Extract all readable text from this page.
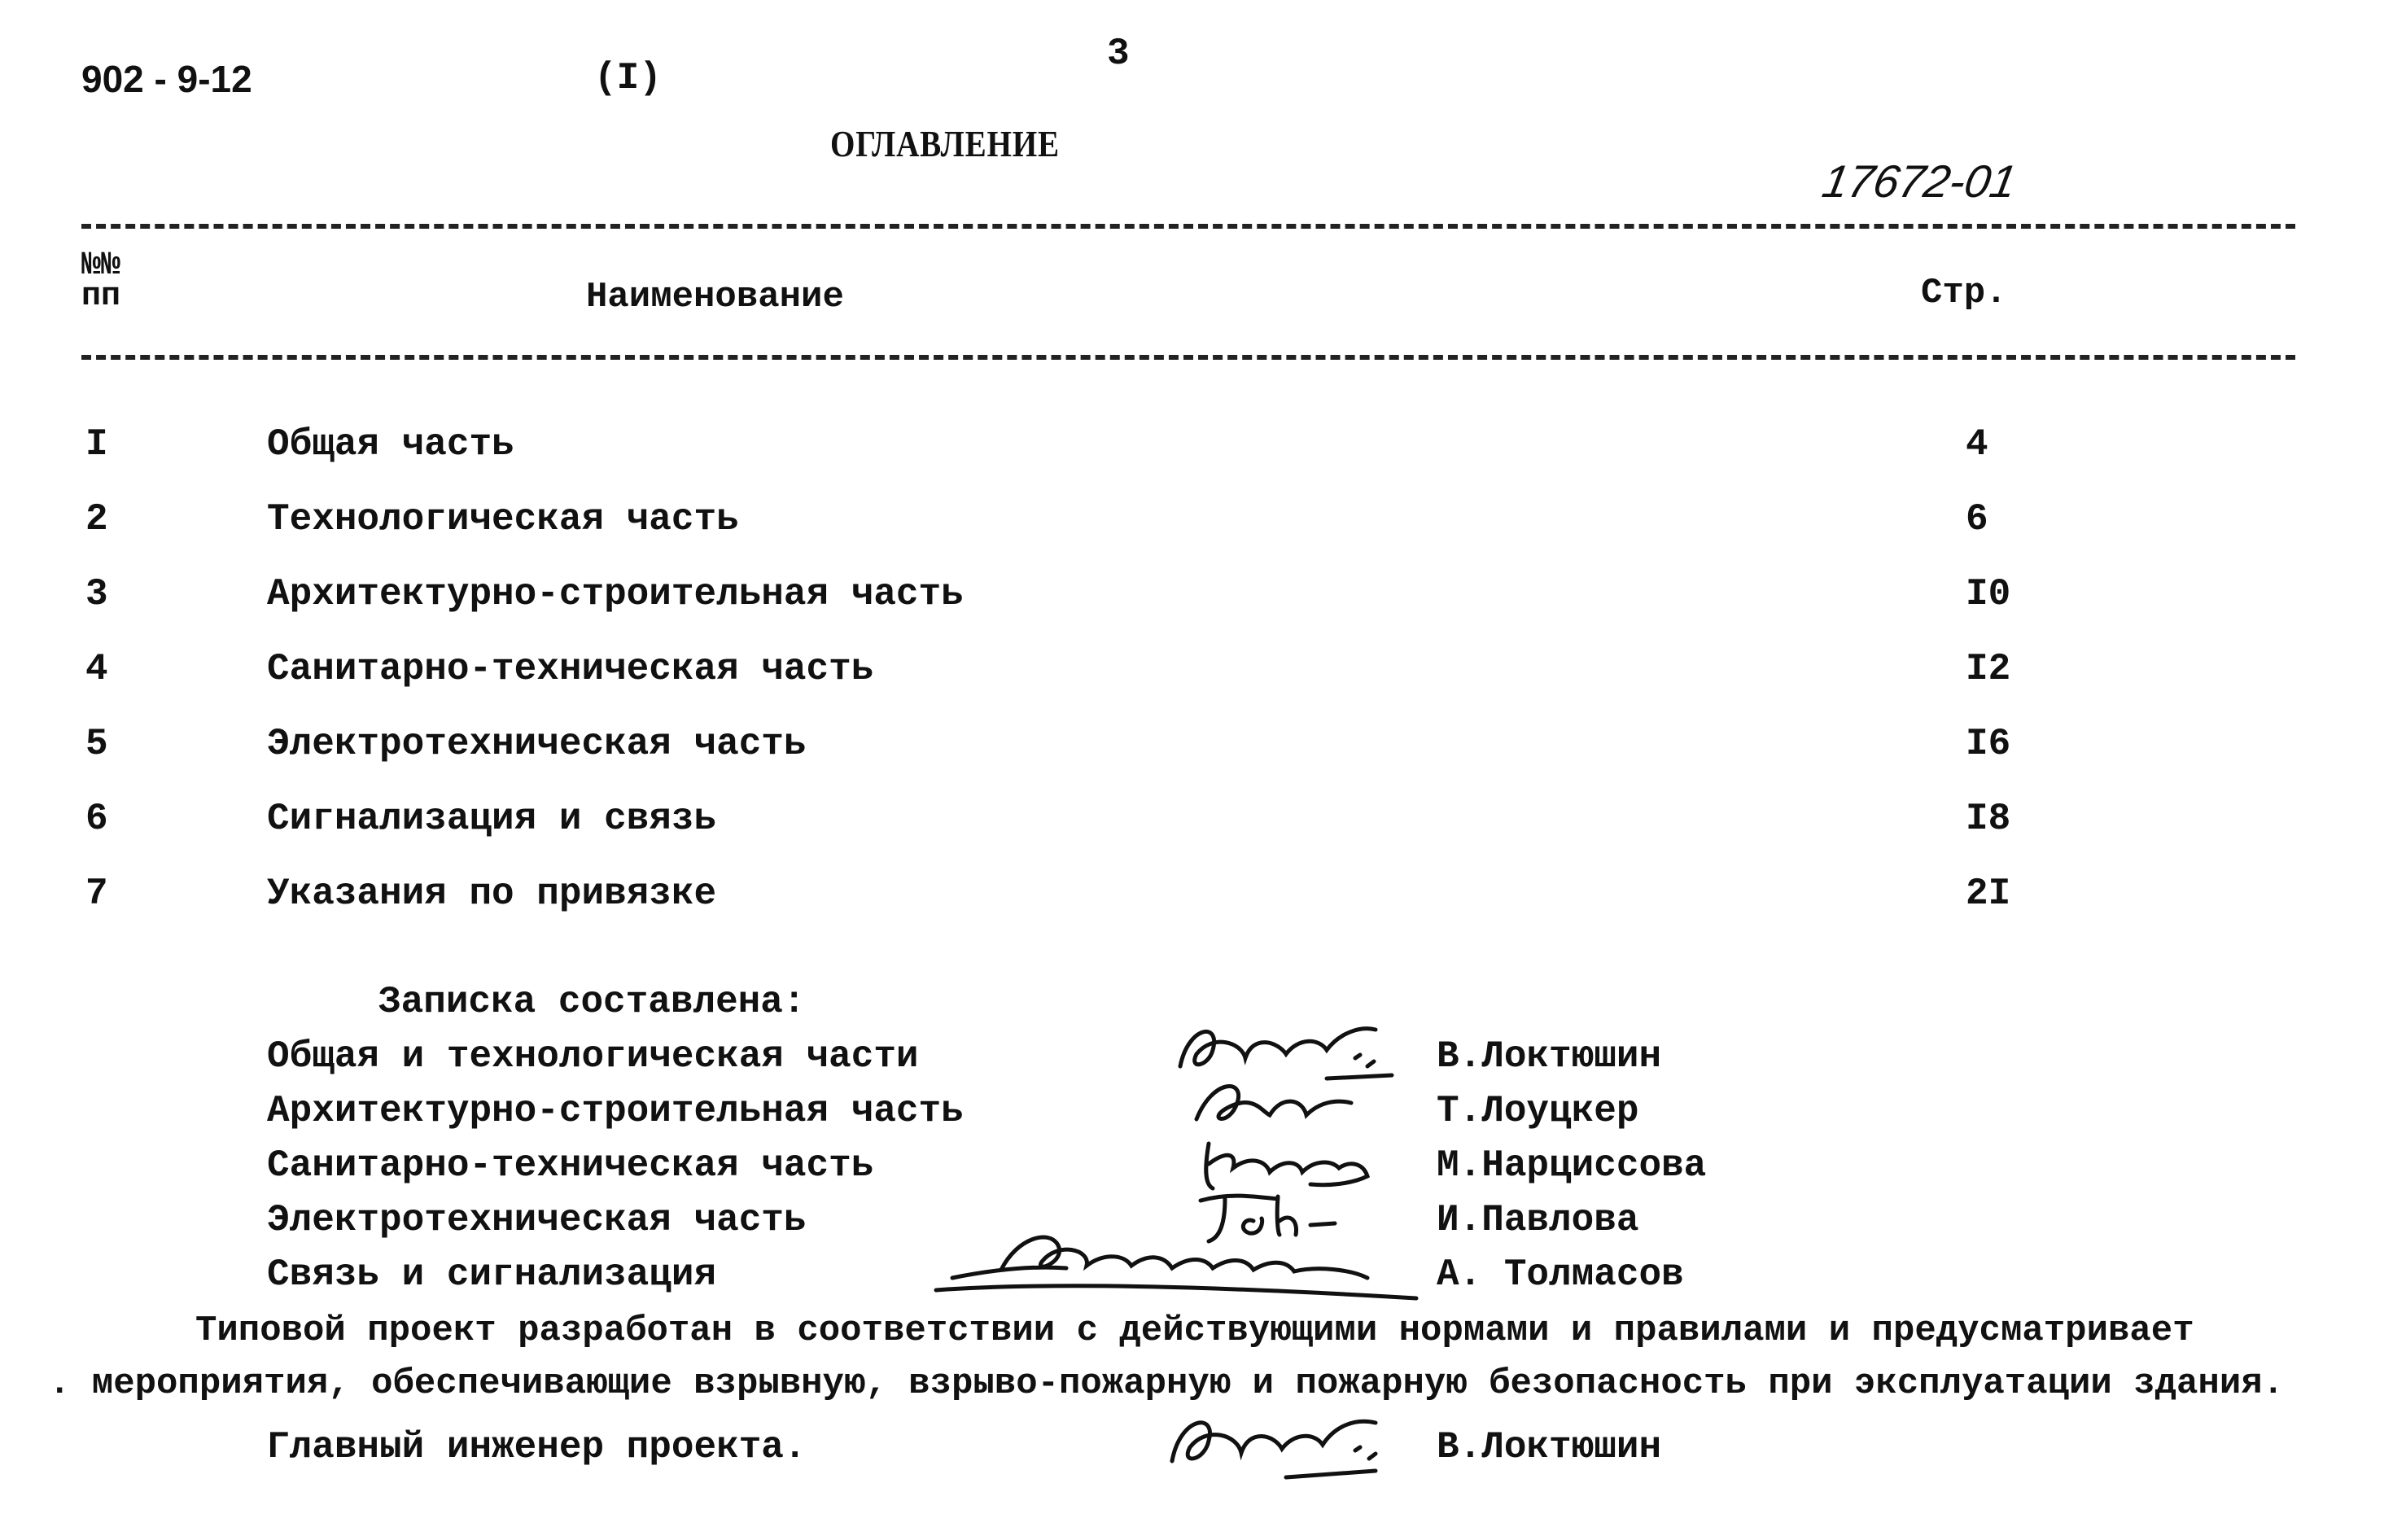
902 - 9-12	(I)
3
ОГЛАВЛЕНИЕ
17672-01
№№ пп	Наименование	Стр.
I	Общая часть	4
2	Технологическая часть	6
3	Архитектурно-строительная часть	I0
4	Санитарно-техническая часть	I2
5	Электротехническая часть	I6
6	Сигнализация и связь	I8
7	Указания по привязке	2I
Записка составлена:
Общая и технологическая части	В.Локтюшин
Архитектурно-строительная часть	Т.Лоуцкер
Санитарно-техническая часть	М.Нарциссова
Электротехническая часть	И.Павлова
Связь и сигнализация	А. Толмасов
Типовой проект разработан в соответствии с действующими нормами и правилами и предусматривает
. мероприятия, обеспечивающие взрывную, взрыво-пожарную и пожарную безопасность при эксплуатации здания.
Главный инженер проекта.	В.Локтюшин
